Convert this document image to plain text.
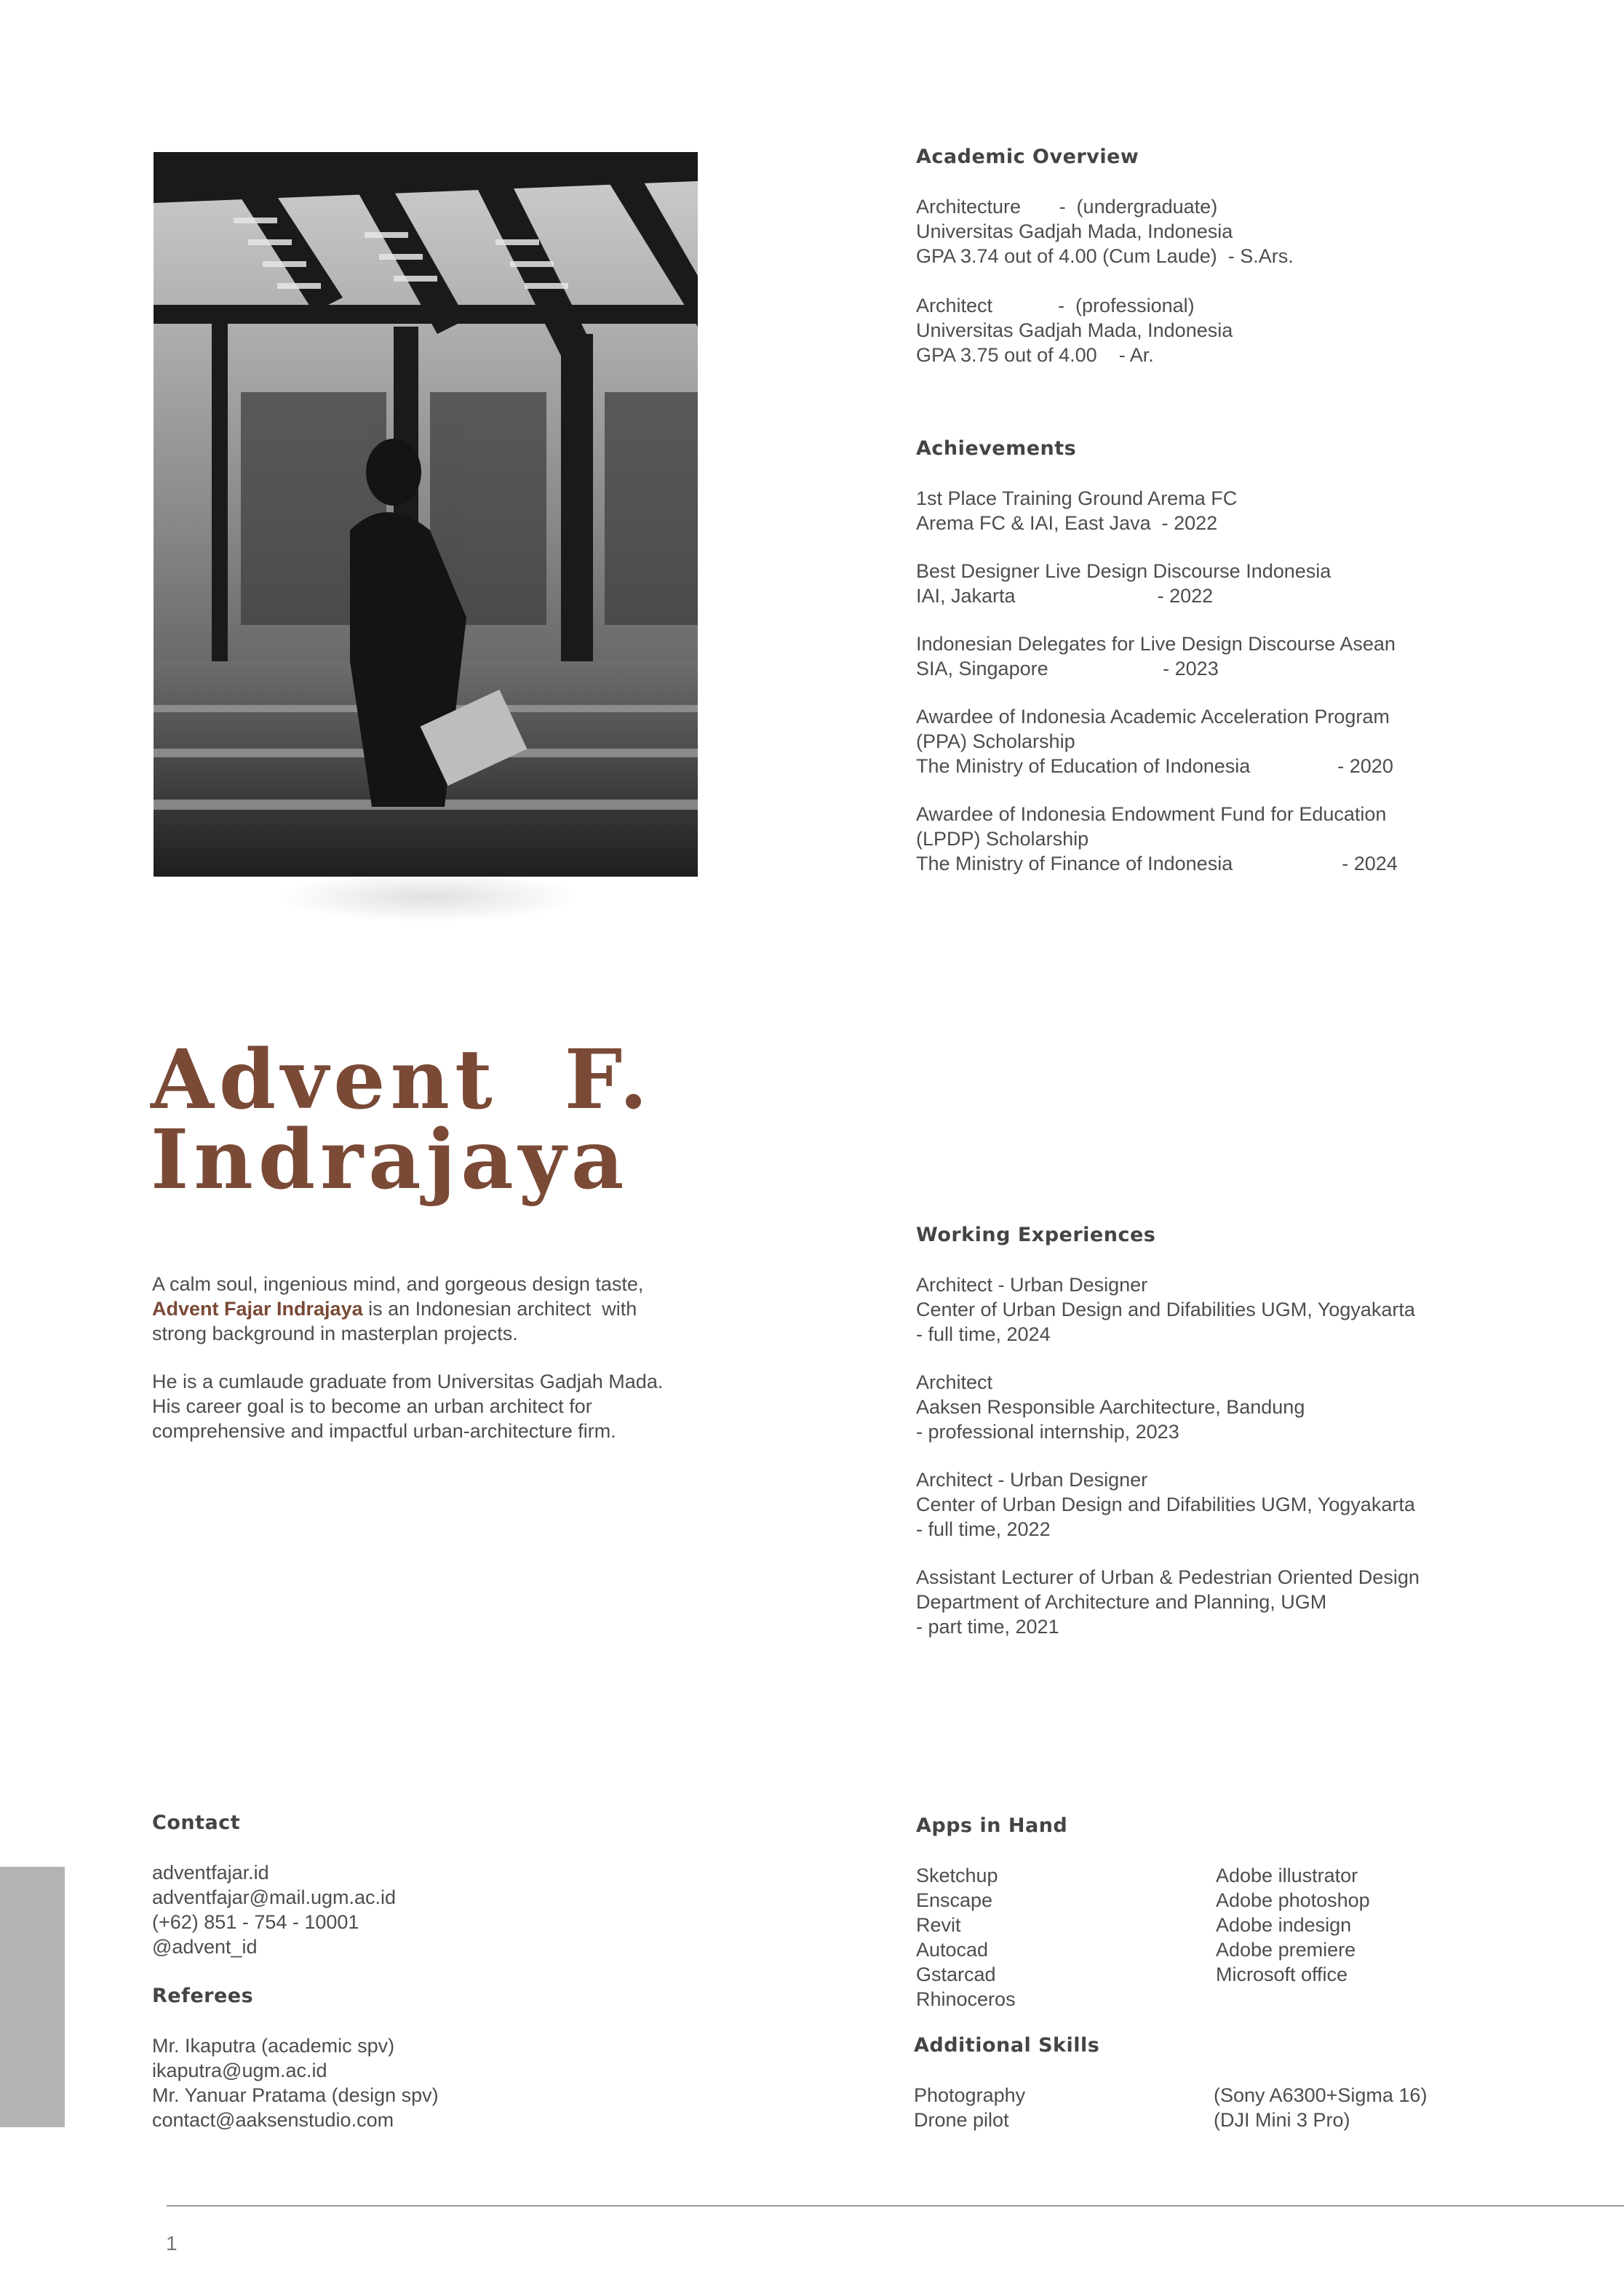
Academic Overview

Architecture       -  (undergraduate)

Universitas Gadjah Mada, Indonesia

GPA 3.74 out of 4.00 (Cum Laude)  - S.Ars.

Architect            -  (professional)

Universitas Gadjah Mada, Indonesia

GPA 3.75 out of 4.00    - Ar.

Achievements

1st Place Training Ground Arema FC

Arema FC & IAI, East Java  - 2022

Best Designer Live Design Discourse Indonesia

IAI, Jakarta                          - 2022

Indonesian Delegates for Live Design Discourse Asean

SIA, Singapore                     - 2023

Awardee of Indonesia Academic Acceleration Program

(PPA) Scholarship

The Ministry of Education of Indonesia                - 2020

Awardee of Indonesia Endowment Fund for Education

(LPDP) Scholarship

The Ministry of Finance of Indonesia                    - 2024

Advent  F.
Indrajaya

A calm soul, ingenious mind, and gorgeous design taste,

Advent Fajar Indrajaya is an Indonesian architect  with

strong background in masterplan projects.

He is a cumlaude graduate from Universitas Gadjah Mada.

His career goal is to become an urban architect for

comprehensive and impactful urban-architecture firm.

Working Experiences

Architect - Urban Designer

Center of Urban Design and Difabilities UGM, Yogyakarta

- full time, 2024

Architect

Aaksen Responsible Aarchitecture, Bandung

- professional internship, 2023

Architect - Urban Designer

Center of Urban Design and Difabilities UGM, Yogyakarta

- full time, 2022

Assistant Lecturer of Urban & Pedestrian Oriented Design

Department of Architecture and Planning, UGM

- part time, 2021

Contact

adventfajar.id

adventfajar@mail.ugm.ac.id

(+62) 851 - 754 - 10001

@advent_id

Referees

Mr. Ikaputra (academic spv)

ikaputra@ugm.ac.id

Mr. Yanuar Pratama (design spv)

contact@aaksenstudio.com

Apps in Hand

Sketchup

Enscape

Revit

Autocad

Gstarcad

Rhinoceros

Adobe illustrator

Adobe photoshop

Adobe indesign

Adobe premiere

Microsoft office

Additional Skills

Photography	(Sony A6300+Sigma 16)

Drone pilot	(DJI Mini 3 Pro)

1
